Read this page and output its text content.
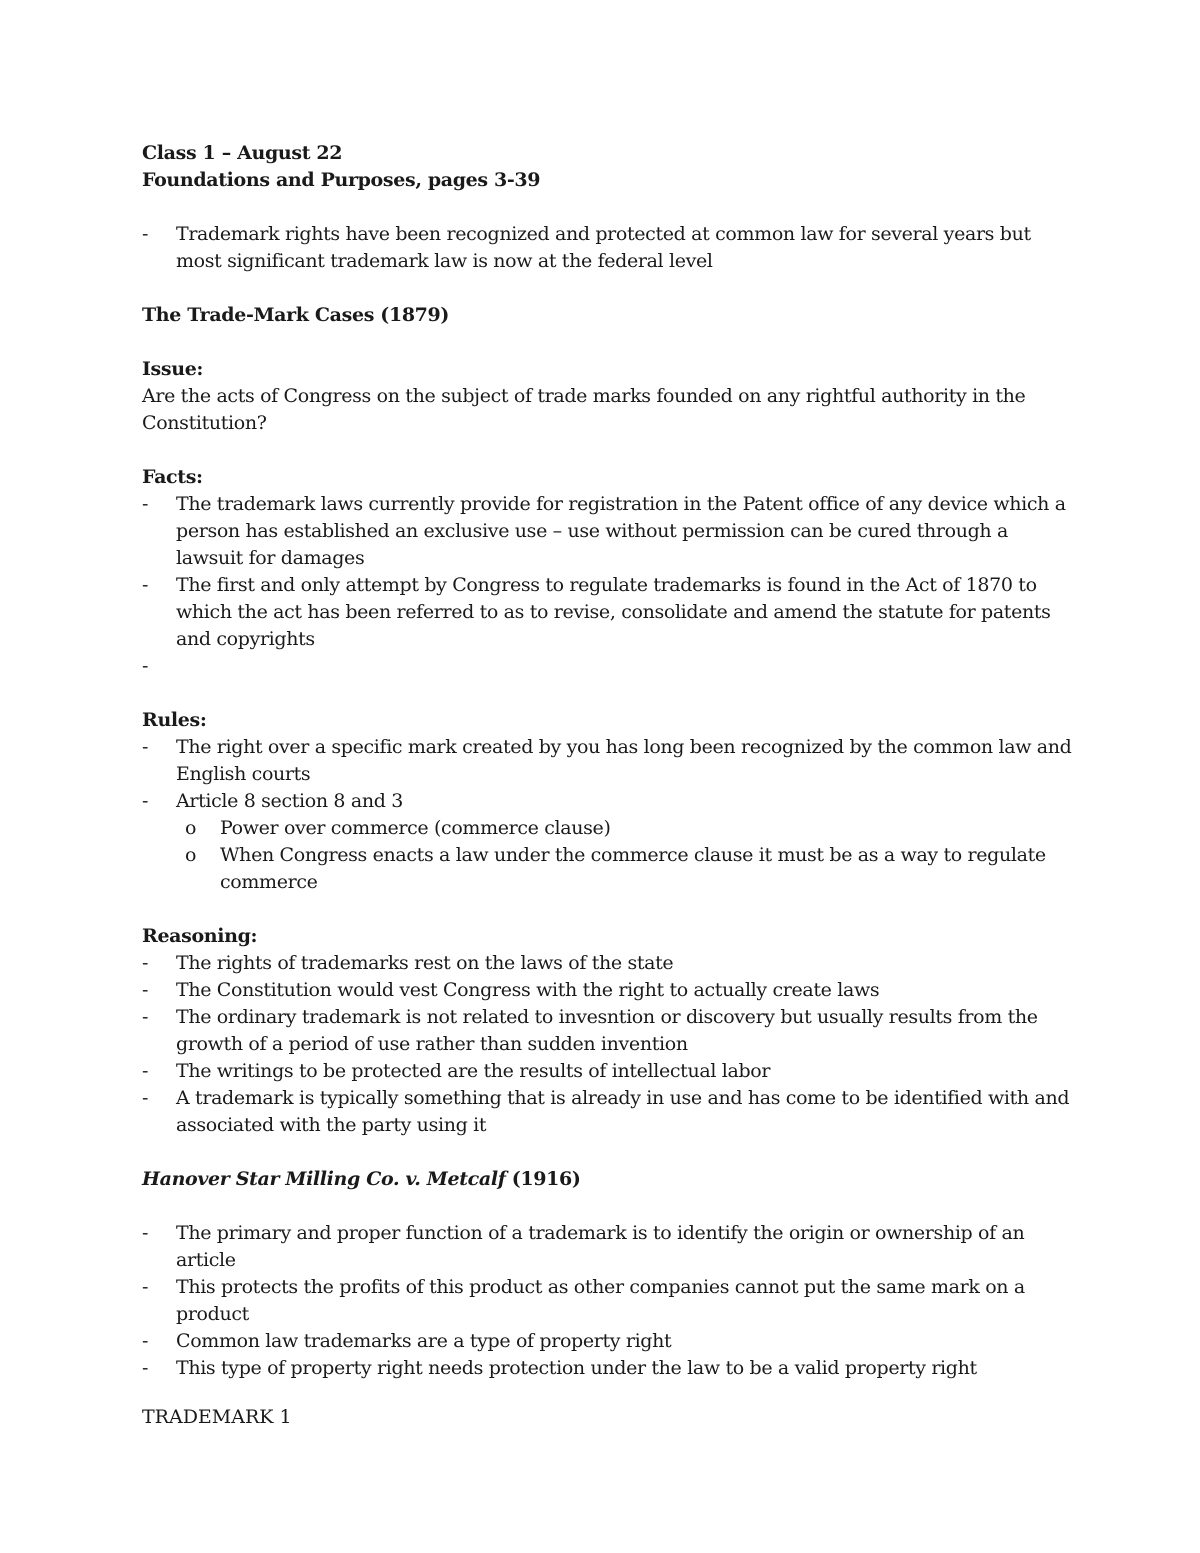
Class 1 – August 22
Foundations and Purposes, pages 3-39
- Trademark rights have been recognized and protected at common law for several years but most significant trademark law is now at the federal level
The Trade-Mark Cases (1879)
Issue:
Are the acts of Congress on the subject of trade marks founded on any rightful authority in the Constitution?
Facts:
- The trademark laws currently provide for registration in the Patent office of any device which a person has established an exclusive use – use without permission can be cured through a lawsuit for damages
- The first and only attempt by Congress to regulate trademarks is found in the Act of 1870 to which the act has been referred to as to revise, consolidate and amend the statute for patents and copyrights
-
Rules:
- The right over a specific mark created by you has long been recognized by the common law and English courts
- Article 8 section 8 and 3
o Power over commerce (commerce clause)
o When Congress enacts a law under the commerce clause it must be as a way to regulate commerce
Reasoning:
- The rights of trademarks rest on the laws of the state
- The Constitution would vest Congress with the right to actually create laws
- The ordinary trademark is not related to invesntion or discovery but usually results from the growth of a period of use rather than sudden invention
- The writings to be protected are the results of intellectual labor
- A trademark is typically something that is already in use and has come to be identified with and associated with the party using it
Hanover Star Milling Co. v. Metcalf (1916)
- The primary and proper function of a trademark is to identify the origin or ownership of an article
- This protects the profits of this product as other companies cannot put the same mark on a product
- Common law trademarks are a type of property right
- This type of property right needs protection under the law to be a valid property right
TRADEMARK 1
